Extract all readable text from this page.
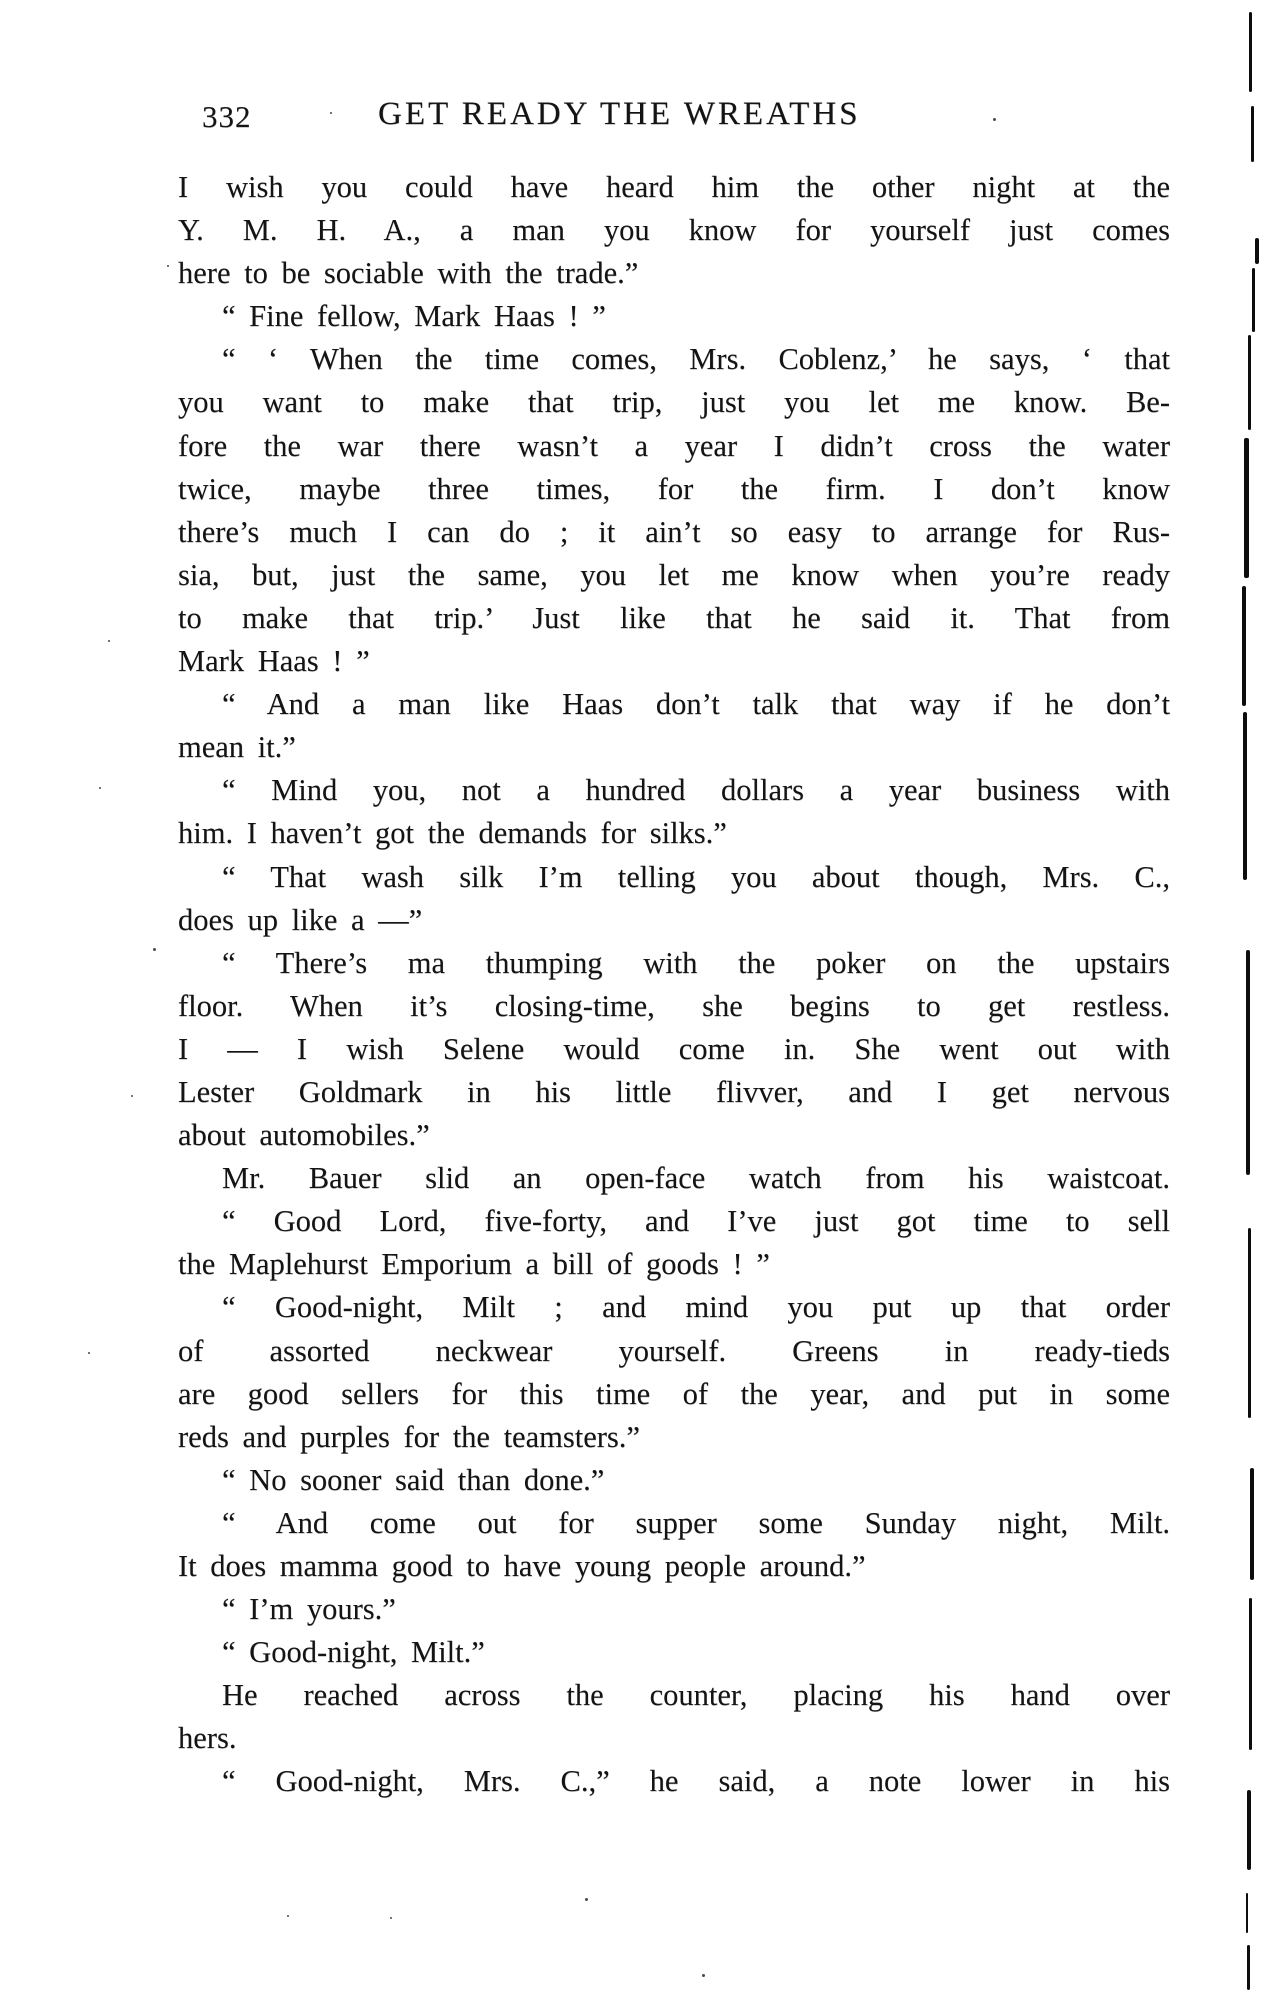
332	GET READY THE WREATHS
I wish you could have heard him the other night at the
Y. M. H. A., a man you know for yourself just comes
here to be sociable with the trade.”
“ Fine fellow, Mark Haas ! ”
“ ‘ When the time comes, Mrs. Coblenz,’ he says, ‘ that
you want to make that trip, just you let me know. Be-
fore the war there wasn’t a year I didn’t cross the water
twice, maybe three times, for the firm. I don’t know
there’s much I can do ; it ain’t so easy to arrange for Rus-
sia, but, just the same, you let me know when you’re ready
to make that trip.’ Just like that he said it. That from
Mark Haas ! ”
“ And a man like Haas don’t talk that way if he don’t
mean it.”
“ Mind you, not a hundred dollars a year business with
him. I haven’t got the demands for silks.”
“ That wash silk I’m telling you about though, Mrs. C.,
does up like a —”
“ There’s ma thumping with the poker on the upstairs
floor. When it’s closing-time, she begins to get restless.
I — I wish Selene would come in. She went out with
Lester Goldmark in his little flivver, and I get nervous
about automobiles.”
Mr. Bauer slid an open-face watch from his waistcoat.
“ Good Lord, five-forty, and I’ve just got time to sell
the Maplehurst Emporium a bill of goods ! ”
“ Good-night, Milt ; and mind you put up that order
of assorted neckwear yourself. Greens in ready-tieds
are good sellers for this time of the year, and put in some
reds and purples for the teamsters.”
“ No sooner said than done.”
“ And come out for supper some Sunday night, Milt.
It does mamma good to have young people around.”
“ I’m yours.”
“ Good-night, Milt.”
He reached across the counter, placing his hand over
hers.
“ Good-night, Mrs. C.,” he said, a note lower in his
